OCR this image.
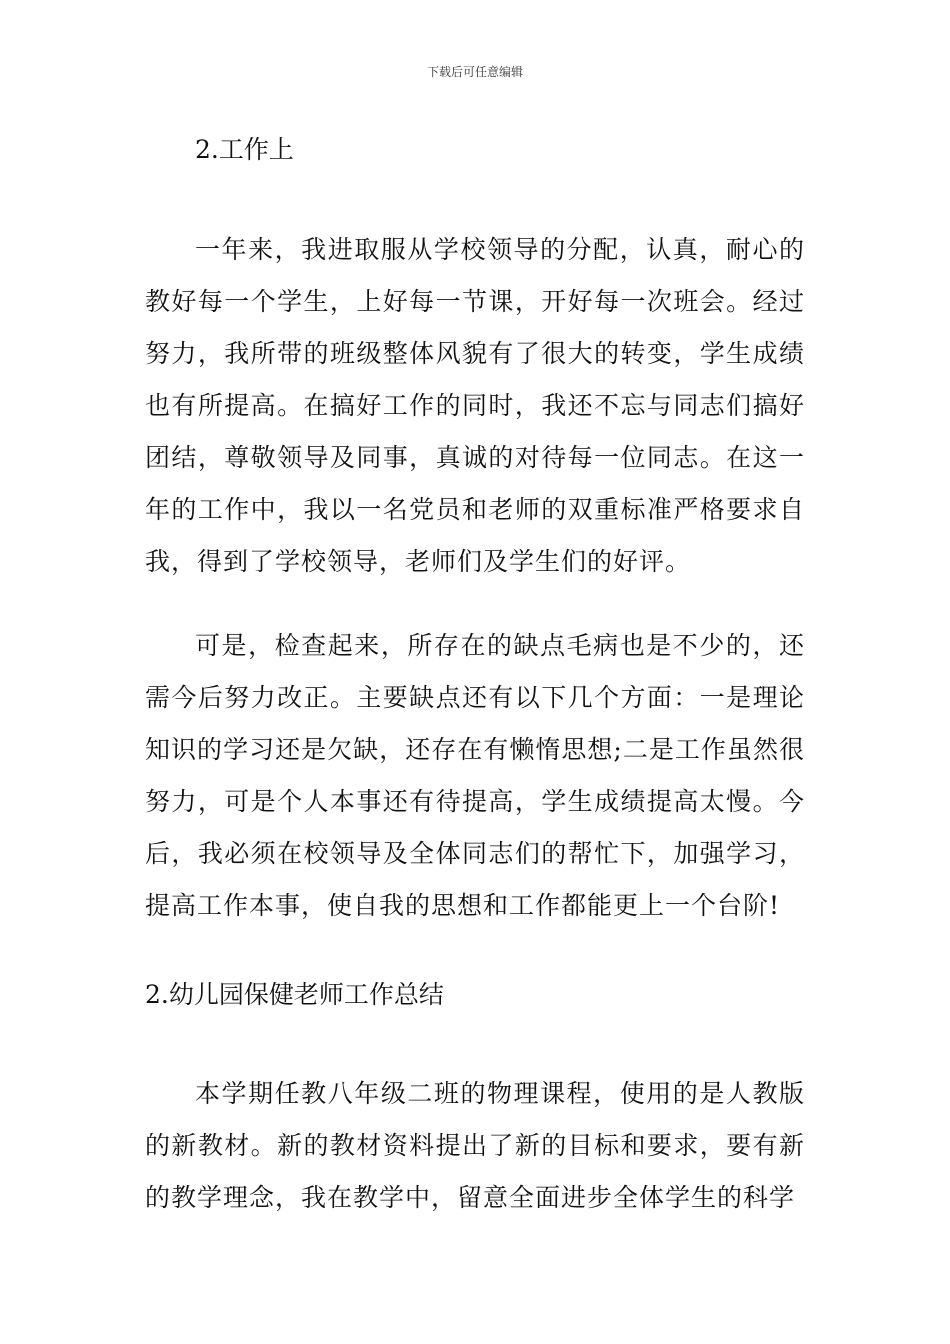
下载后可任意编辑
2.工作上

一年来，我进取服从学校领导的分配，认真，耐心的教好每一个学生，上好每一节课，开好每一次班会。经过努力，我所带的班级整体风貌有了很大的转变，学生成绩也有所提高。在搞好工作的同时，我还不忘与同志们搞好团结，尊敬领导及同事，真诚的对待每一位同志。在这一年的工作中，我以一名党员和老师的双重标准严格要求自我，得到了学校领导，老师们及学生们的好评。

可是，检查起来，所存在的缺点毛病也是不少的，还需今后努力改正。主要缺点还有以下几个方面：一是理论知识的学习还是欠缺，还存在有懒惰思想;二是工作虽然很努力，可是个人本事还有待提高，学生成绩提高太慢。今后，我必须在校领导及全体同志们的帮忙下，加强学习，提高工作本事，使自我的思想和工作都能更上一个台阶!

2.幼儿园保健老师工作总结

本学期任教八年级二班的物理课程，使用的是人教版的新教材。新的教材资料提出了新的目标和要求，要有新的教学理念，我在教学中，留意全面进步全体学生的科学
